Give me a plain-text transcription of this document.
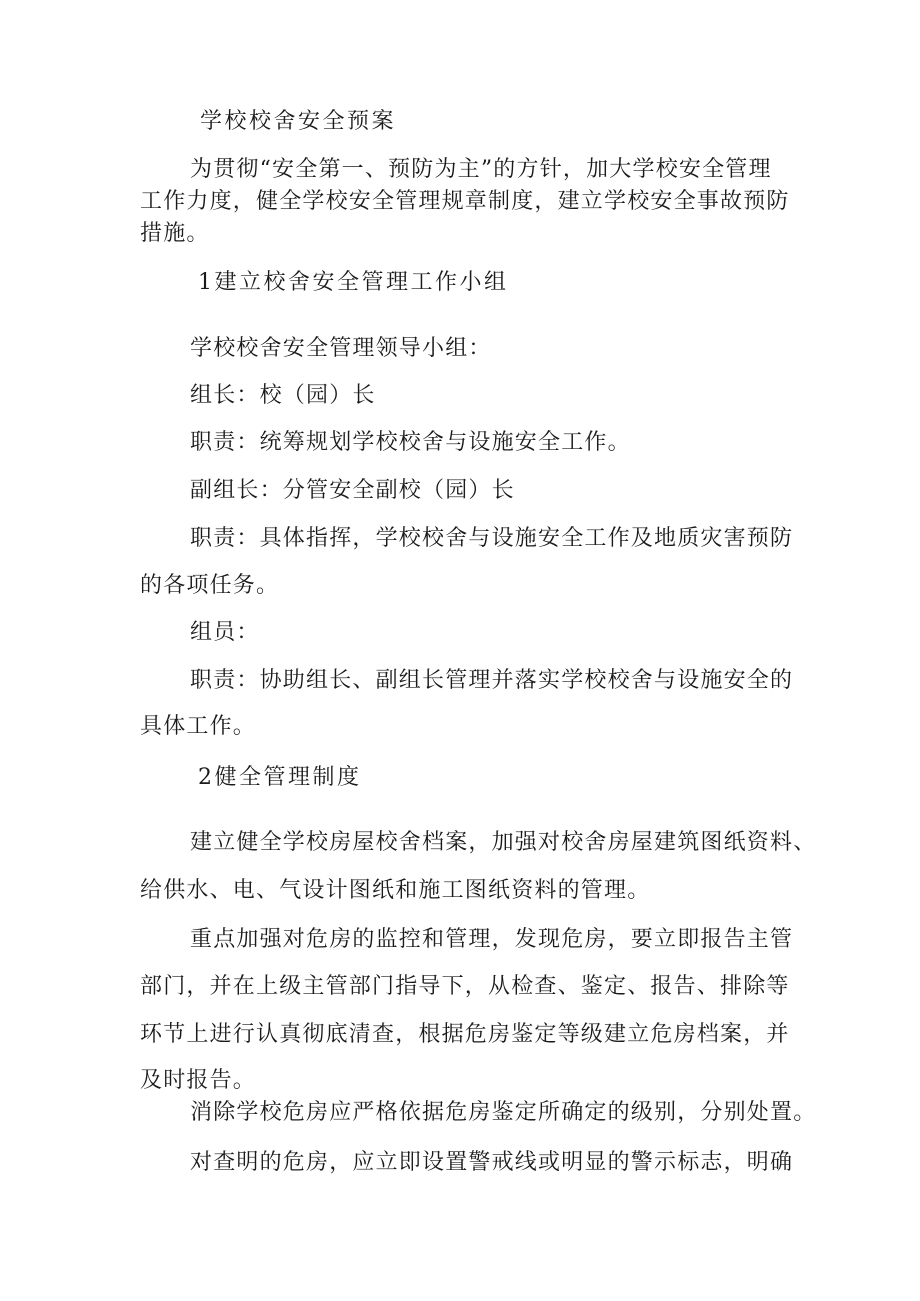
学校校舍安全预案

为贯彻“安全第一、预防为主”的方针，加大学校安全管理

工作力度，健全学校安全管理规章制度，建立学校安全事故预防

措施。

1建立校舍安全管理工作小组

学校校舍安全管理领导小组：

组长：校（园）长

职责：统筹规划学校校舍与设施安全工作。

副组长：分管安全副校（园）长

职责：具体指挥，学校校舍与设施安全工作及地质灾害预防

的各项任务。

组员：

职责：协助组长、副组长管理并落实学校校舍与设施安全的

具体工作。

2健全管理制度

建立健全学校房屋校舍档案，加强对校舍房屋建筑图纸资料、

给供水、电、气设计图纸和施工图纸资料的管理。

重点加强对危房的监控和管理，发现危房，要立即报告主管

部门，并在上级主管部门指导下，从检查、鉴定、报告、排除等

环节上进行认真彻底清查，根据危房鉴定等级建立危房档案，并

及时报告。

消除学校危房应严格依据危房鉴定所确定的级别，分别处置。

对查明的危房，应立即设置警戒线或明显的警示标志，明确
